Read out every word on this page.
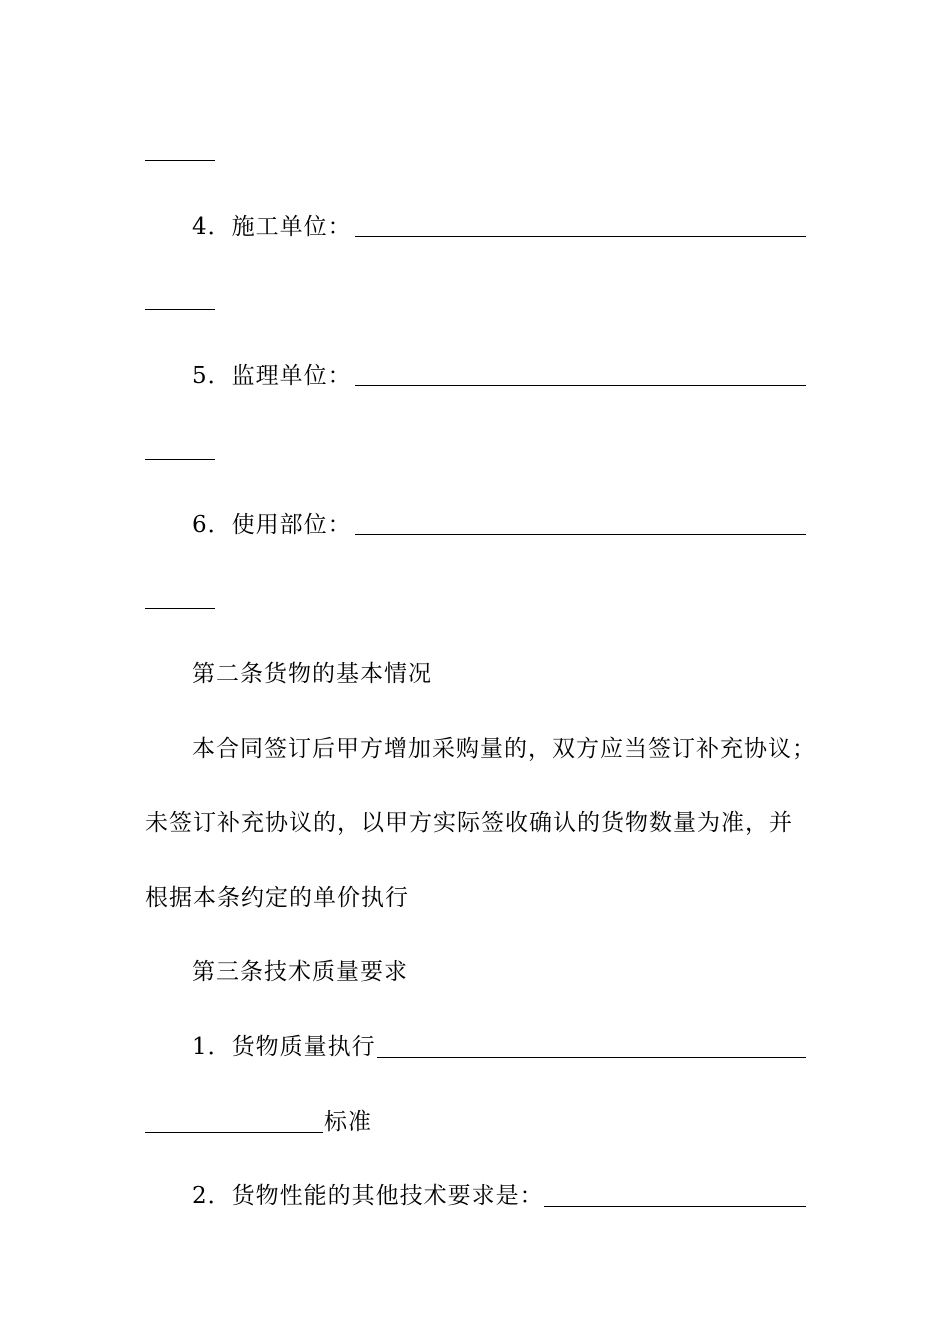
4．施工单位：
5．监理单位：
6．使用部位：
第二条货物的基本情况
本合同签订后甲方增加采购量的，双方应当签订补充协议；
未签订补充协议的，以甲方实际签收确认的货物数量为准，并
根据本条约定的单价执行
第三条技术质量要求
1．货物质量执行
标准
2．货物性能的其他技术要求是：
